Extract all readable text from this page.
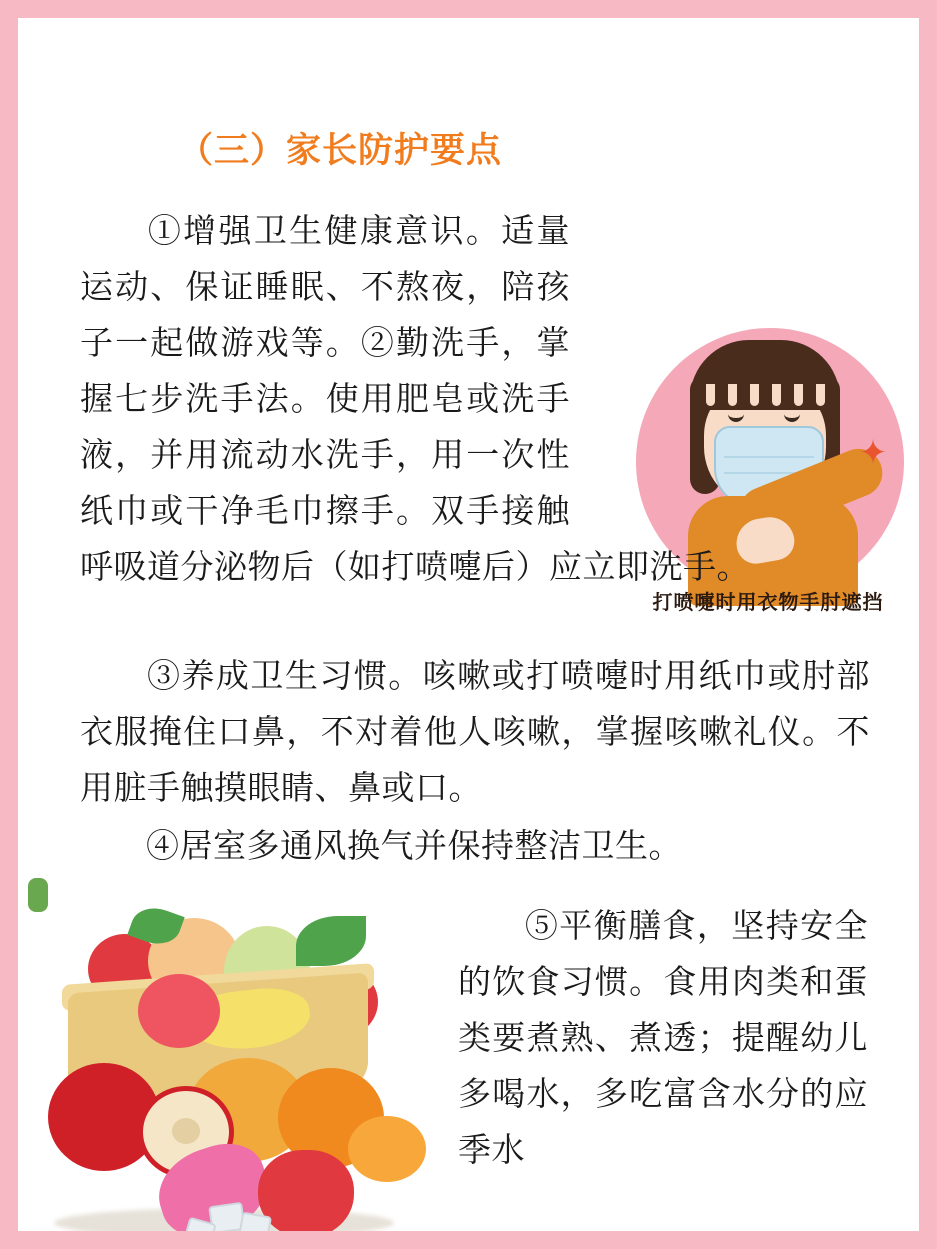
（三）家长防护要点
✦
打喷嚏时用衣物手肘遮挡
①增强卫生健康意识。适量运动、保证睡眠、不熬夜，陪孩子一起做游戏等。②勤洗手，掌握七步洗手法。使用肥皂或洗手液，并用流动水洗手，用一次性纸巾或干净毛巾擦手。双手接触呼吸道分泌物后（如打喷嚏后）应立即洗手。
③养成卫生习惯。咳嗽或打喷嚏时用纸巾或肘部衣服掩住口鼻，不对着他人咳嗽，掌握咳嗽礼仪。不用脏手触摸眼睛、鼻或口。
④居室多通风换气并保持整洁卫生。
⑤平衡膳食，坚持安全的饮食习惯。食用肉类和蛋类要煮熟、煮透；提醒幼儿多喝水，多吃富含水分的应季水
